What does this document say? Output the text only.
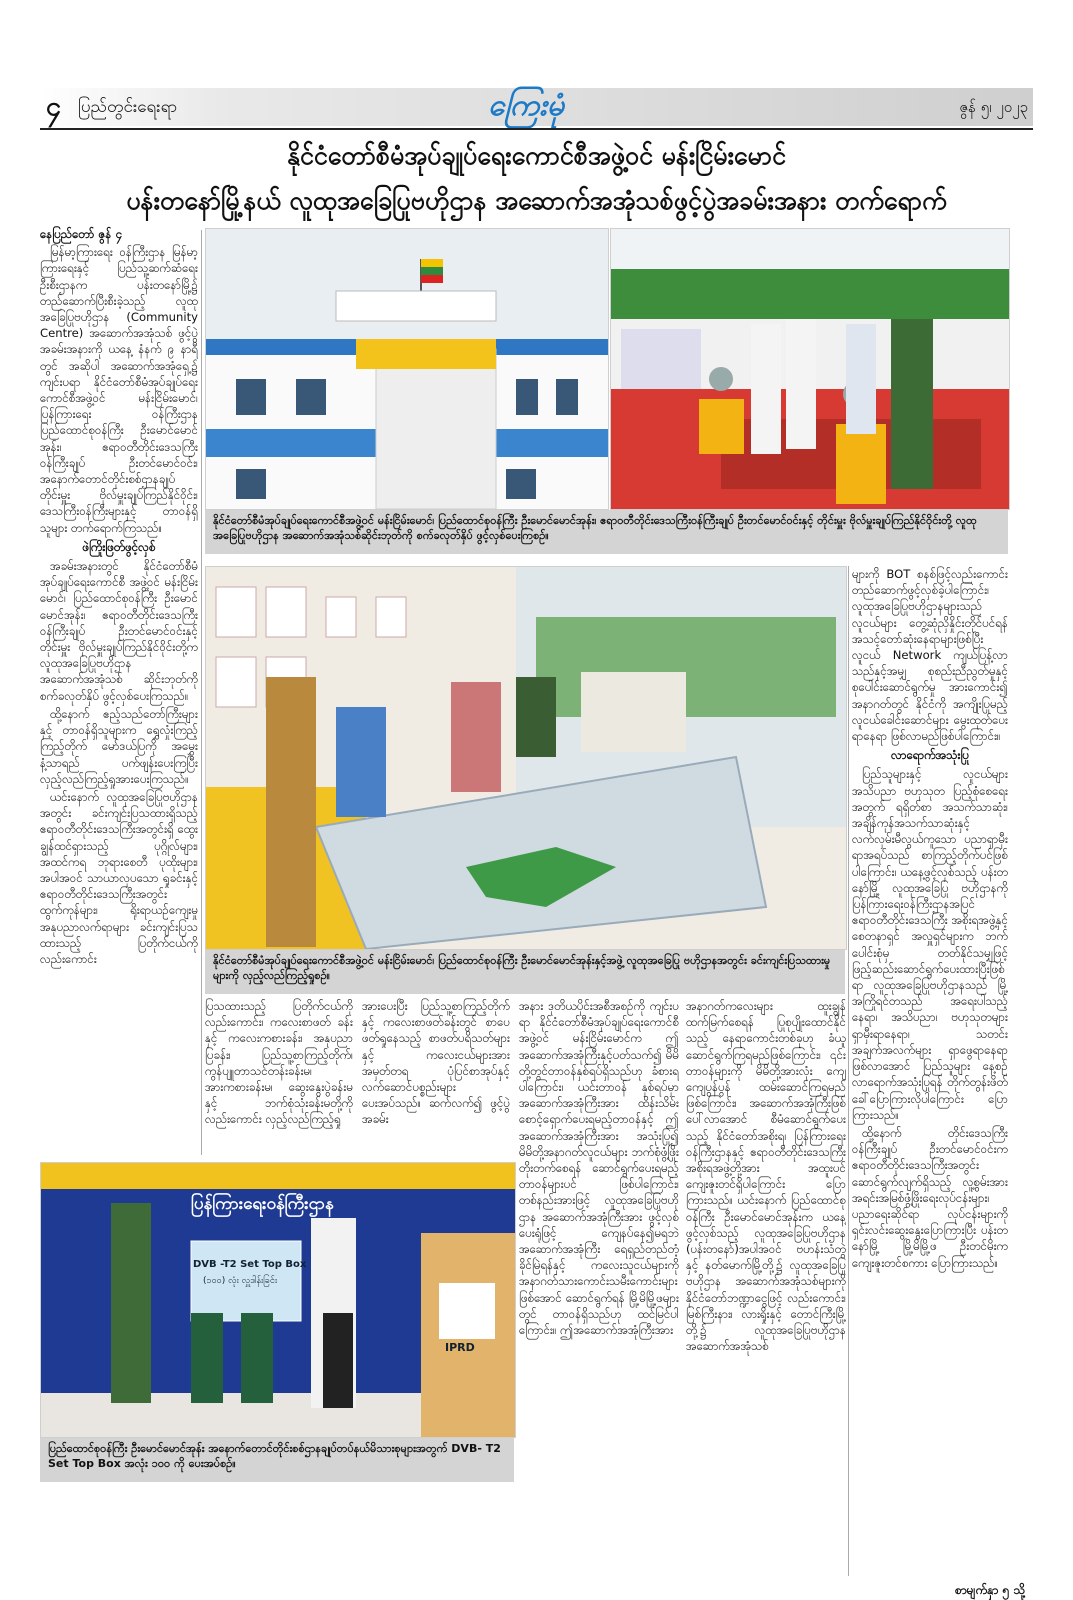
၄ ပြည်တွင်းရေးရာ	ကြေးမုံ	ဇွန် ၅၊ ၂၀၂၃
နိုင်ငံတော်စီမံအုပ်ချုပ်ရေးကောင်စီအဖွဲ့ဝင် မန်းငြိမ်းမောင်
ပန်းတနော်မြို့နယ် လူထုအခြေပြုဗဟိုဌာန အဆောက်အအုံသစ်ဖွင့်ပွဲအခမ်းအနား တက်ရောက်

နေပြည်တော် ဇွန် ၄

မြန်မာ့ကြားရေး ဝန်ကြီးဌာန မြန်မာ့ကြားရေးနှင့် ပြည်သူ့ဆက်ဆံရေးဦးစီးဌာနက ပန်းတနော်မြို့၌ တည်ဆောက်ပြီးစီးခဲ့သည့် လူထုအခြေပြုဗဟိုဌာန (Community Centre) အဆောက်အအုံသစ် ဖွင့်ပွဲအခမ်းအနားကို ယနေ့ နံနက် ၉ နာရီတွင် အဆိုပါ အဆောက်အအုံရှေ့၌ ကျင်းပရာ နိုင်ငံတော်စီမံအုပ်ချုပ်ရေး ကောင်စီအဖွဲ့ဝင် မန်းငြိမ်းမောင်၊ ပြန်ကြားရေး ဝန်ကြီးဌာန ပြည်ထောင်စုဝန်ကြီး ဦးမောင်မောင်အုန်း၊ ဧရာဝတီတိုင်းဒေသကြီး ဝန်ကြီးချုပ် ဦးတင်မောင်ဝင်း၊ အနောက်တောင်တိုင်းစစ်ဌာနချုပ်တိုင်းမှူး ဗိုလ်မှူးချုပ်ကြည်နိုင်ဝိုင်း၊ ဒေသကြီးဝန်ကြီးများနှင့် တာဝန်ရှိသူများ တက်ရောက်ကြသည်။

ဖဲကြိုးဖြတ်ဖွင့်လှစ်

အခမ်းအနားတွင် နိုင်ငံတော်စီမံအုပ်ချုပ်ရေးကောင်စီ အဖွဲ့ဝင် မန်းငြိမ်းမောင်၊ ပြည်ထောင်စုဝန်ကြီး ဦးမောင်မောင်အုန်း၊ ဧရာဝတီတိုင်းဒေသကြီးဝန်ကြီးချုပ် ဦးတင်မောင်ဝင်းနှင့် တိုင်းမှူး ဗိုလ်မှူးချုပ်ကြည်နိုင်ဝိုင်းတို့က လူထုအခြေပြုဗဟိုဌာန အဆောက်အအုံသစ် ဆိုင်းဘုတ်ကို စက်ခလုတ်နှိပ် ဖွင့်လှစ်ပေးကြသည်။

ထို့နောက် ဧည့်သည်တော်ကြီးများနှင့် တာဝန်ရှိသူများက ရွှေလှုံးကြည့်ကြည့်တိုက် မော်ဒယ်ပြကို အမွှေးနံ့သာရည် ပက်ဖျန်းပေးကြပြီး လှည့်လည်ကြည့်ရှုအားပေးကြသည်။

ယင်းနောက် လူထုအခြေပြုဗဟိုဌာနအတွင်း ခင်းကျင်းပြသထားရှိသည့် ဧရာဝတီတိုင်းဒေသကြီးအတွင်းရှိ ထွေးချွန်ထင်ရှားသည့် ပုဂ္ဂိုလ်များ၊ အထင်ကရ ဘုရားစေတီ ပုထိုးများ၊ အပါအဝင် သာယာလှပသော ရှုခင်းနှင့် ဧရာဝတီတိုင်းဒေသကြီးအတွင်း ထွက်ကုန်များ၊ ရိုးရာယဉ်ကျေးမှု အနုပညာလက်ရာများ ခင်းကျင်းပြသထားသည့် ပြတိုက်ငယ်ကို လည်းကောင်း

နိုင်ငံတော်စီမံအုပ်ချုပ်ရေးကောင်စီအဖွဲ့ဝင် မန်းငြိမ်းမောင်၊ ပြည်ထောင်စုဝန်ကြီး ဦးမောင်မောင်အုန်း၊ ဧရာဝတီတိုင်းဒေသကြီးဝန်ကြီးချုပ် ဦးတင်မောင်ဝင်းနှင့် တိုင်းမှူး ဗိုလ်မှူးချုပ်ကြည်နိုင်ဝိုင်းတို့ လူထုအခြေပြုဗဟိုဌာန အဆောက်အအုံသစ်ဆိုင်းဘုတ်ကို စက်ခလုတ်နှိပ် ဖွင့်လှစ်ပေးကြစဉ်။
နိုင်ငံတော်စီမံအုပ်ချုပ်ရေးကောင်စီအဖွဲ့ဝင် မန်းငြိမ်းမောင်၊ ပြည်ထောင်စုဝန်ကြီး ဦးမောင်မောင်အုန်းနှင့်အဖွဲ့ လူထုအခြေပြု ဗဟိုဌာနအတွင်း ခင်းကျင်းပြသထားမှုများကို လှည့်လည်ကြည့်ရှုစဉ်။

များကို BOT စနစ်ဖြင့်လည်းကောင်း တည်ဆောက်ဖွင့်လှစ်ခဲ့ပါကြောင်း၊ လူထုအခြေပြုဗဟိုဌာနများသည် လူငယ်များ တွေ့ဆုံညှိနှိုင်းတိုင်ပင်ရန် အသင့်တော်ဆုံးနေရာများဖြစ်ပြီး လူငယ် Network ကျယ်ပြန့်လာသည်နှင့်အမျှ စုစည်းညီညွတ်မှုနှင့် စုပေါင်းဆောင်ရွက်မှု အားကောင်း၍ အနာဂတ်တွင် နိုင်ငံကို အကျိုးပြုမည့် လူငယ်ခေါင်းဆောင်များ မွေးထုတ်ပေးရာနေရာ ဖြစ်လာမည်ဖြစ်ပါကြောင်း။

လာရောက်အသုံးပြု

ပြည်သူများနှင့် လူငယ်များ အသိပညာ ဗဟုသုတ ပြည့်စုံစေရေးအတွက် ရရှိတ်စာ အသက်သာဆုံး၊ အချိန်ကုန်အသက်သာဆုံးနှင့် လက်လှမ်းမီလွယ်ကူသော ပညာရှာမှီးရာအရပ်သည် စာကြည့်တိုက်ပင်ဖြစ်ပါကြောင်း၊ ယနေ့ဖွင့်လှစ်သည့် ပန်းတနော်မြို့ လူထုအခြေပြု ဗဟိုဌာနကို ပြန်ကြားရေးဝန်ကြီးဌာနအပြင် ဧရာဝတီတိုင်းဒေသကြီး အစိုးရအဖွဲ့နှင့် စေတနာရှင် အလှူရှင်များက ဘက်ပေါင်းစုံမှ တတ်နိုင်သမျှဖြင့် ဖြည့်ဆည်းဆောင်ရွက်ပေးထားပြီးဖြစ်ရာ လူထုအခြေပြုဗဟိုဌာနသည် မြို့အကြိုရင်တသည် အရေးပါသည့် နေရာ၊ အသိပညာ၊ ဗဟုသုတများ ရှာမှီးရာနေရာ၊ သတင်းအချက်အလက်များ ရှာဖွေရာနေရာ ဖြစ်လာအောင် ပြည်သူများ နေ့စဉ် လာရောက်အသုံးပြုရန် တိုက်တွန်းဖိတ်ခေါ်ပြောကြားလိုပါကြောင်း ပြောကြားသည်။

ထို့နောက် တိုင်းဒေသကြီးဝန်ကြီးချုပ် ဦးတင်မောင်ဝင်းက ဧရာဝတီတိုင်းဒေသကြီးအတွင်း ဆောင်ရွက်လျက်ရှိသည့် လူ့စွမ်းအားအရင်းအမြစ်ဖွံ့ဖြိုးရေးလုပ်ငန်းများ၊ ပညာရေးဆိုင်ရာ လုပ်ငန်းများကို ရှင်းလင်းဆွေးနွေးပြောကြားပြီး ပန်းတနော်မြို့ မြို့မိမြို့ဖ ဦးတင်မိုးက ကျေးဇူးတင်စကား ပြောကြားသည်။

ပြသထားသည့် ပြတိုက်ငယ်ကို လည်းကောင်း၊ ကလေးစာဖတ် ခန်းနှင့် ကလေးကစားခန်း၊ အနုပညာပြခန်း၊ ပြည်သူ့စာကြည့်တိုက်၊ ကွန်ပျူတာသင်တန်းခန်းမ၊ အားကစားခန်းမ၊ ဆွေးနွေးပွဲခန်းမနှင့် ဘက်စုံသုံးခန်းမတို့ကို လည်းကောင်း လှည့်လည်ကြည့်ရှု

အားပေးပြီး ပြည်သူ့စာကြည့်တိုက်နှင့် ကလေးစာဖတ်ခန်းတွင် စာပေဖတ်ရှုနေသည့် စာဖတ်ပရိသတ်များနှင့် ကလေးငယ်များအား အမှတ်တရ ပုံပြင်စာအုပ်နှင့် လက်ဆောင်ပစ္စည်းများ ပေးအပ်သည်။ ဆက်လက်၍ ဖွင့်ပွဲအခမ်း

အနား ဒုတိယပိုင်းအစီအစဉ်ကို ကျင်းပရာ နိုင်ငံတော်စီမံအုပ်ချုပ်ရေးကောင်စီအဖွဲ့ဝင် မန်းငြိမ်းမောင်က ဤအဆောက်အအုံကြီးနှင့်ပတ်သက်၍ မိမိတို့တွင်တာဝန်နှစ်ရပ်ရှိသည်ဟု ခံစားရပါကြောင်း၊ ယင်းတာဝန် နှစ်ရပ်မှာ အဆောက်အအုံကြီးအား ထိန်းသိမ်းစောင့်ရှောက်ပေးရမည့်တာဝန်နှင့် ဤအဆောက်အအုံကြီးအား အသုံးပြု၍ မိမိတို့အနာဂတ်လူငယ်များ ဘက်စုံဖွံ့ဖြိုး တိုးတက်စေရန် ဆောင်ရွက်ပေးရမည့် တာဝန်များပင် ဖြစ်ပါကြောင်း၊ တစ်နည်းအားဖြင့် လူထုအခြေပြုဗဟိုဌာန အဆောက်အအုံကြီးအား ဖွင့်လှစ်ပေးရုံဖြင့် ကျေနပ်နေ၍မရဘဲ အဆောက်အအုံကြီး ရေရှည်တည်တံ့ခိုင်မြဲရန်နှင့် ကလေးသူငယ်များကို အနာဂတ်သားကောင်းသမီးကောင်းများ ဖြစ်အောင် ဆောင်ရွက်ရန် မြို့မိမြို့ဖများတွင် တာဝန်ရှိသည်ဟု ထင်မြင်ပါကြောင်း။ ဤအဆောက်အအုံကြီးအား

အနာဂတ်ကလေးများ ထူးချွန်ထက်မြက်စေရန် ပြုစုပျိုးထောင်နိုင်သည့် နေရာကောင်းတစ်ခုဟု ခံယူဆောင်ရွက်ကြရမည်ဖြစ်ကြောင်း၊ ၎င်းတာဝန်များကို မိမိတို့အားလုံး ကျေကျေပွန်ပွန် ထမ်းဆောင်ကြရမည်ဖြစ်ကြောင်း၊ အဆောက်အအုံကြီးဖြစ်ပေါ်လာအောင် စီမံဆောင်ရွက်ပေးသည့် နိုင်ငံတော်အစိုးရ၊ ပြန်ကြားရေးဝန်ကြီးဌာနနှင့် ဧရာဝတီတိုင်းဒေသကြီး အစိုးရအဖွဲ့တို့အား အထူးပင်ကျေးဇူးတင်ရှိပါကြောင်း ပြောကြားသည်။ ယင်းနောက် ပြည်ထောင်စုဝန်ကြီး ဦးမောင်မောင်အုန်းက ယနေ့ဖွင့်လှစ်သည့် လူထုအခြေပြုဗဟိုဌာန (ပန်းတနော်)အပါအဝင် ဗဟန်းသံတွဲနှင့် နတ်မောက်မြို့တို့၌ လူထုအခြေပြုဗဟိုဌာန အဆောက်အအုံသစ်များကို နိုင်ငံတော်ဘဏ္ဍာငွေဖြင့် လည်းကောင်း၊ မြစ်ကြီးနား၊ လားရှိုးနှင့် တောင်ကြီးမြို့တို့၌ လူထုအခြေပြုဗဟိုဌာန အဆောက်အအုံသစ်

ပြန်ကြားရေးဝန်ကြီးဌာန
DVB -T2 Set Top Box
(၁၀၀) လုံး လှူဒါန်းခြင်း
IPRD
ပြည်ထောင်စုဝန်ကြီး ဦးမောင်မောင်အုန်း အနောက်တောင်တိုင်းစစ်ဌာနချုပ်တပ်နယ်မိသားစုများအတွက် DVB- T2 Set Top Box အလုံး ၁၀၀ ကို ပေးအပ်စဉ်။
စာမျက်နှာ ၅ သို့
